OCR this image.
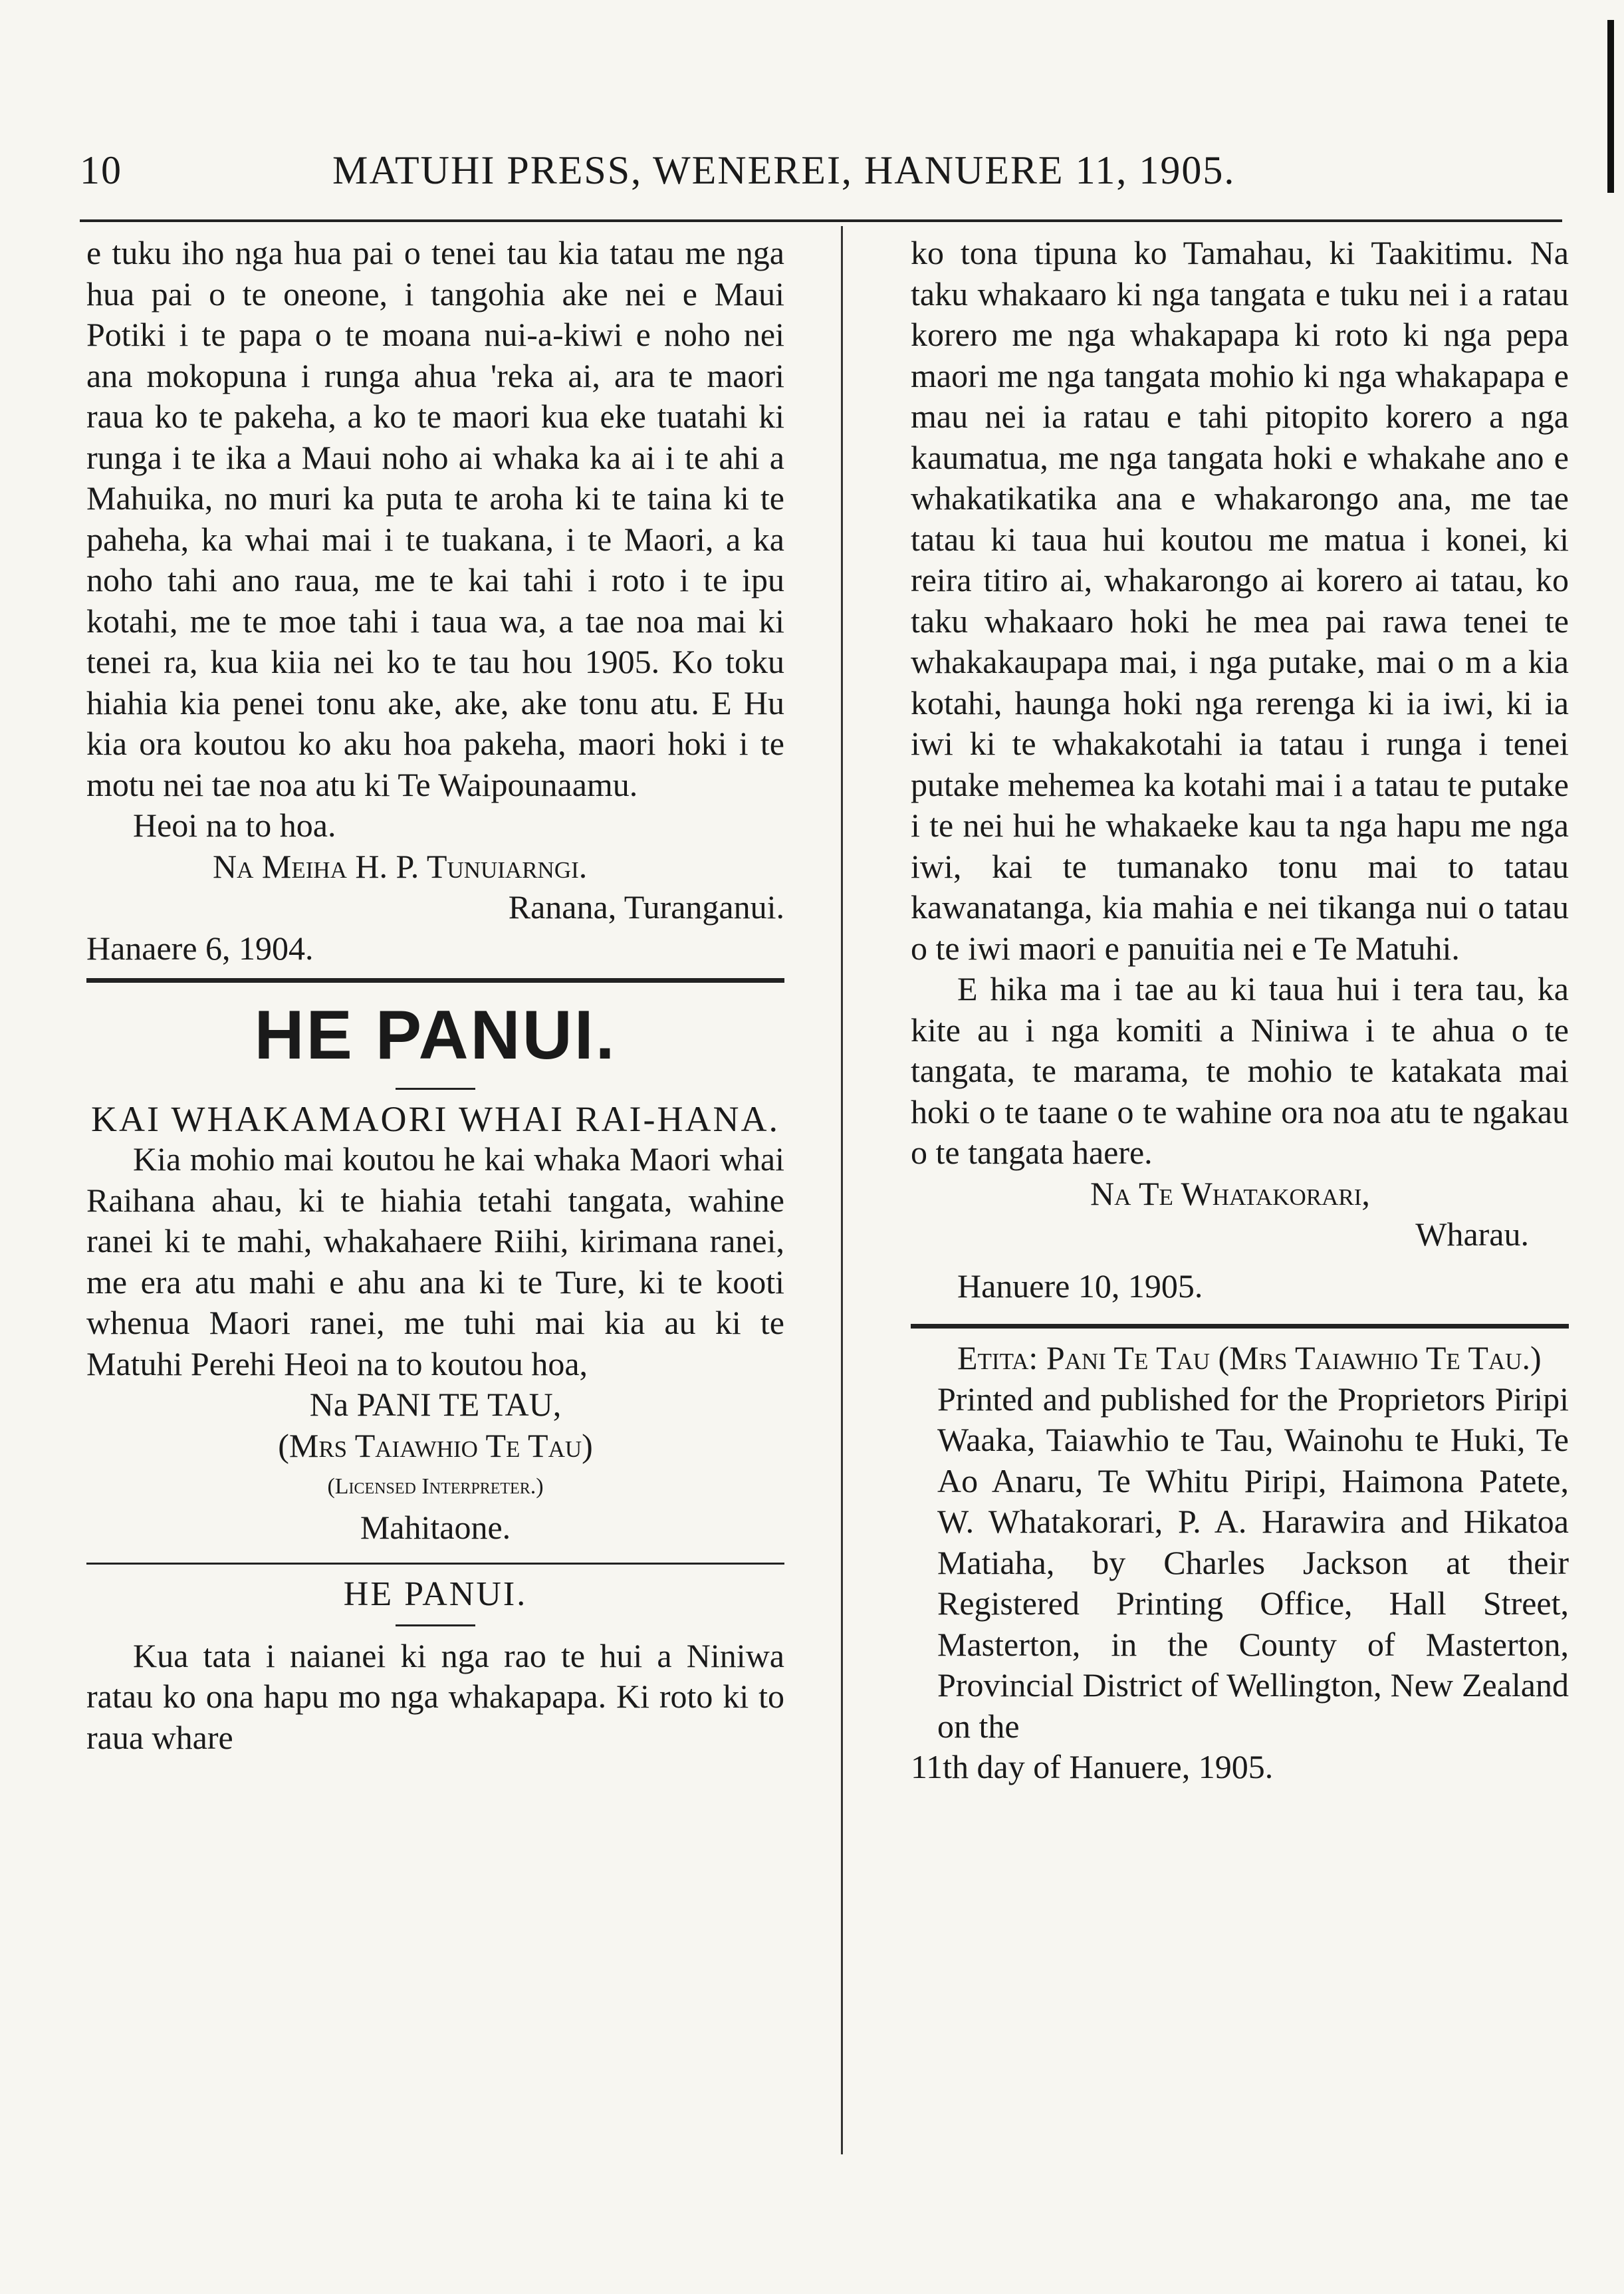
10	MATUHI PRESS, WENEREI, HANUERE 11, 1905.

e tuku iho nga hua pai o tenei tau kia tatau me nga hua pai o te oneone, i tangohia ake nei e Maui Potiki i te papa o te moana nui-a-kiwi e noho nei ana mokopuna i runga ahua 'reka ai, ara te maori raua ko te pakeha, a ko te maori kua eke tuatahi ki runga i te ika a Maui noho ai whaka ka ai i te ahi a Mahuika, no muri ka puta te aroha ki te taina ki te paheha, ka whai mai i te tuakana, i te Maori, a ka noho tahi ano raua, me te kai tahi i roto i te ipu kotahi, me te moe tahi i taua wa, a tae noa mai ki tenei ra, kua kiia nei ko te tau hou 1905. Ko toku hiahia kia penei tonu ake, ake, ake tonu atu. E Hu kia ora koutou ko aku hoa pakeha, maori hoki i te motu nei tae noa atu ki Te Waipounaamu.

Heoi na to hoa.

Na Meiha H. P. Tunuiarngi.

Ranana, Turanganui.

Hanaere 6, 1904.

HE PANUI.
KAI WHAKAMAORI WHAI RAI-HANA.

Kia mohio mai koutou he kai whaka Maori whai Raihana ahau, ki te hiahia tetahi tangata, wahine ranei ki te mahi, whakahaere Riihi, kirimana ranei, me era atu mahi e ahu ana ki te Ture, ki te kooti whenua Maori ranei, me tuhi mai kia au ki te Matuhi Perehi Heoi na to koutou hoa,

Na PANI TE TAU,

(Mrs Taiawhio Te Tau)

(Licensed Interpreter.)

Mahitaone.

HE PANUI.

Kua tata i naianei ki nga rao te hui a Niniwa ratau ko ona hapu mo nga whakapapa. Ki roto ki to raua whare

ko tona tipuna ko Tamahau, ki Taakitimu. Na taku whakaaro ki nga tangata e tuku nei i a ratau korero me nga whakapapa ki roto ki nga pepa maori me nga tangata mohio ki nga whakapapa e mau nei ia ratau e tahi pitopito korero a nga kaumatua, me nga tangata hoki e whakahe ano e whakatikatika ana e whakarongo ana, me tae tatau ki taua hui koutou me matua i konei, ki reira titiro ai, whakarongo ai korero ai tatau, ko taku whakaaro hoki he mea pai rawa tenei te whakakaupapa mai, i nga putake, mai o m a kia kotahi, haunga hoki nga rerenga ki ia iwi, ki ia iwi ki te whakakotahi ia tatau i runga i tenei putake mehemea ka kotahi mai i a tatau te putake i te nei hui he whakaeke kau ta nga hapu me nga iwi, kai te tumanako tonu mai to tatau kawanatanga, kia mahia e nei tikanga nui o tatau o te iwi maori e panuitia nei e Te Matuhi.

E hika ma i tae au ki taua hui i tera tau, ka kite au i nga komiti a Niniwa i te ahua o te tangata, te marama, te mohio te katakata mai hoki o te taane o te wahine ora noa atu te ngakau o te tangata haere.

Na Te Whatakorari,

Wharau.

Hanuere 10, 1905.

Etita: Pani Te Tau (Mrs Taiawhio Te Tau.)

Printed and published for the Proprietors Piripi Waaka, Taiawhio te Tau, Wainohu te Huki, Te Ao Anaru, Te Whitu Piripi, Haimona Patete, W. Whatakorari, P. A. Harawira and Hikatoa Matiaha, by Charles Jackson at their Registered Printing Office, Hall Street, Masterton, in the County of Masterton, Provincial District of Wellington, New Zealand on the

11th day of Hanuere, 1905.
